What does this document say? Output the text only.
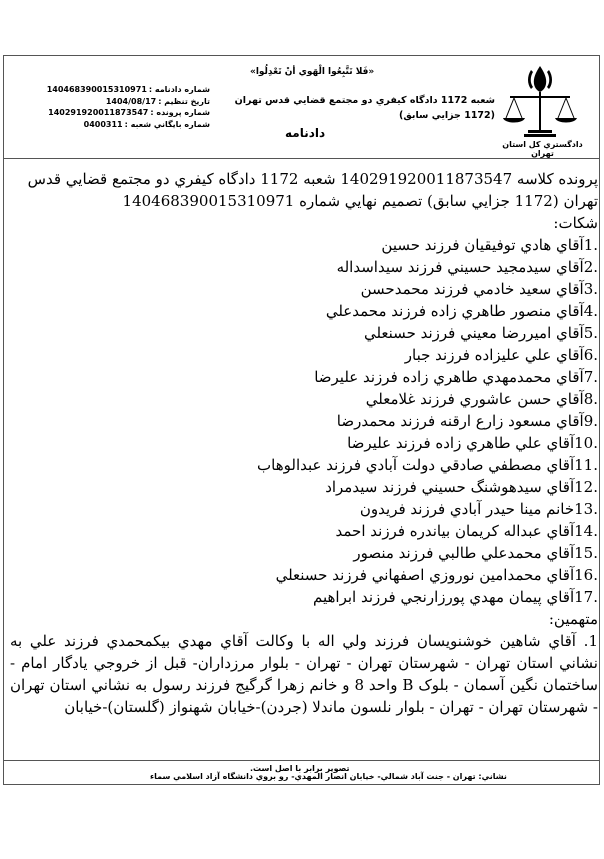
دادگستري کل استان تهران
«فَلا تَتَّبِعُوا الْهَوي أنْ تَعْدِلُوا»
شعبه 1172 دادگاه کيفري دو مجتمع قضايي قدس تهران (1172 جزايي سابق)
دادنامه
شماره دادنامه :
140468390015310971
تاريخ تنظيم :
1404/08/17
شماره پرونده :
140291920011873547
شماره بايگاني شعبه :
0400311

پرونده کلاسه 140291920011873547 شعبه 1172 دادگاه کيفري دو مجتمع قضايي قدس تهران (1172 جزايي سابق) تصميم نهايي شماره 140468390015310971

شکات:

1.
آقاي هادي توفيقيان فرزند حسين
2.
آقاي سيدمجيد حسيني فرزند سيداسداله
3.
آقاي سعيد خادمي فرزند محمدحسن
4.
آقاي منصور طاهري زاده فرزند محمدعلي
5.
آقاي اميررضا معيني فرزند حسنعلي
6.
آقاي علي عليزاده فرزند جبار
7.
آقاي محمدمهدي طاهري زاده فرزند عليرضا
8.
آقاي حسن عاشوري فرزند غلامعلي
9.
آقاي مسعود زارع ارقنه فرزند محمدرضا
10.
آقاي علي طاهري زاده فرزند عليرضا
11.
آقاي مصطفي صادقي دولت آبادي فرزند عبدالوهاب
12.
آقاي سيدهوشنگ حسيني فرزند سيدمراد
13.
خانم مينا حيدر آبادي فرزند فريدون
14.
آقاي عبداله کريمان بياندره فرزند احمد
15.
آقاي محمدعلي طالبي فرزند منصور
16.
آقاي محمدامين نوروزي اصفهاني فرزند حسنعلي
17.
آقاي پيمان مهدي پورزارنجي فرزند ابراهيم

متهمين:

1. آقاي شاهين خوشنويسان فرزند ولي اله با وکالت آقاي مهدي بيکمحمدي فرزند علي به نشاني استان تهران - شهرستان تهران - تهران - بلوار مرزداران- قبل از خروجي يادگار امام - ساختمان نگين آسمان - بلوک B واحد 8 و خانم زهرا گرگيج فرزند رسول به نشاني استان تهران - شهرستان تهران - تهران - بلوار نلسون ماندلا (جردن)-خيابان شهنواز (گلستان)-خيابان

تصوير برابر با اصل است.
نشاني: تهران - جنت آباد شمالي- خيابان انصار المهدي- رو بروي دانشگاه آزاد اسلامي سماء
